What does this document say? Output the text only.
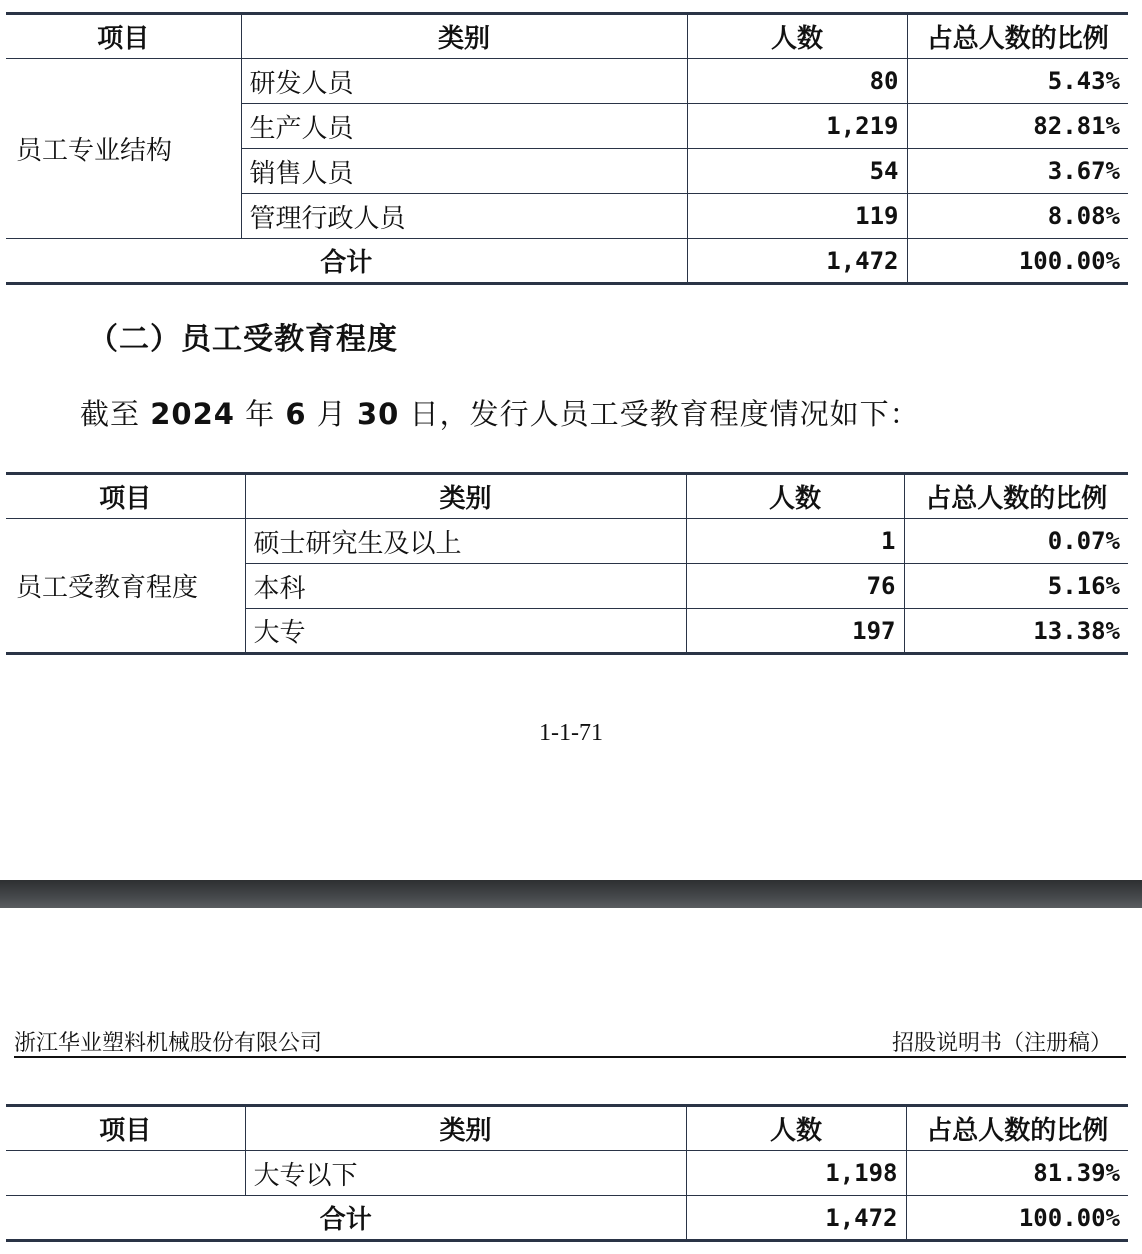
项目	类别	人数	占总人数的比例
员工专业结构	研发人员	80	5.43%
	生产人员	1,219	82.81%
	销售人员	54	3.67%
	管理行政人员	119	8.08%
合计		1,472	100.00%
（二）员工受教育程度

截至 2024 年 6 月 30 日，发行人员工受教育程度情况如下：

项目	类别	人数	占总人数的比例
员工受教育程度	硕士研究生及以上	1	0.07%
	本科	76	5.16%
	大专	197	13.38%
1-1-71
浙江华业塑料机械股份有限公司	招股说明书（注册稿）
项目	类别	人数	占总人数的比例
	大专以下	1,198	81.39%
合计		1,472	100.00%
